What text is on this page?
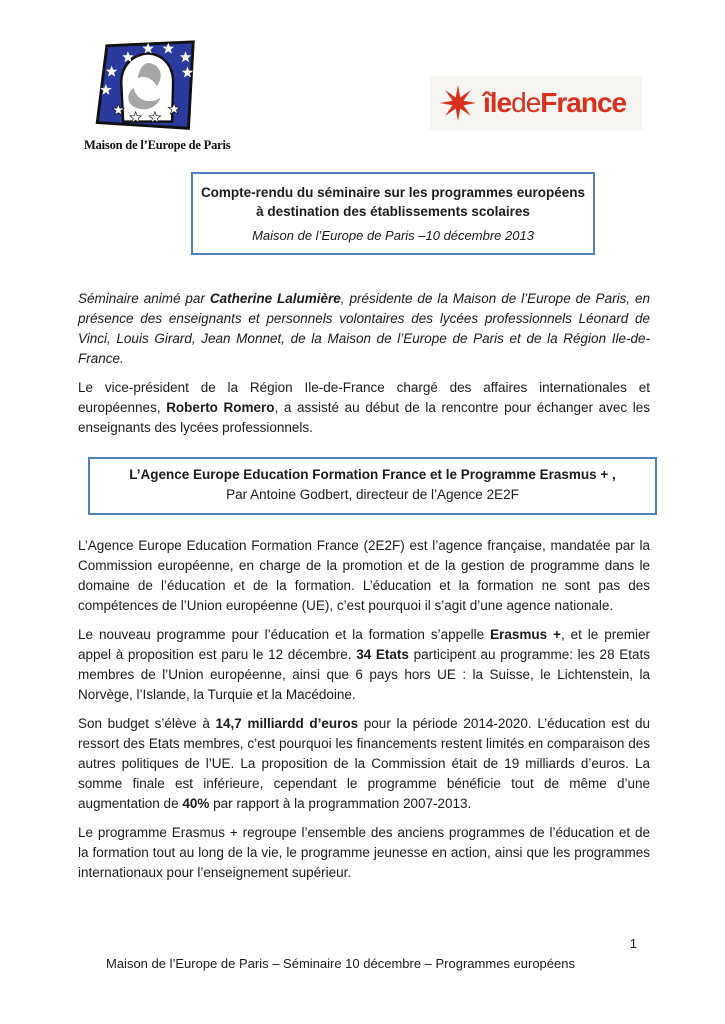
Maison de l’Europe de Paris
îledeFrance
Compte-rendu du séminaire sur les programmes européens à destination des établissements scolaires
Maison de l’Europe de Paris –10 décembre 2013

Séminaire animé par Catherine Lalumière, présidente de la Maison de l’Europe de Paris, en présence des enseignants et personnels volontaires des lycées professionnels Léonard de Vinci, Louis Girard, Jean Monnet, de la Maison de l’Europe de Paris et de la Région Ile-de-France.

Le vice-président de la Région Ile-de-France chargé des affaires internationales et européennes, Roberto Romero, a assisté au début de la rencontre pour échanger avec les enseignants des lycées professionnels.

L’Agence Europe Education Formation France et le Programme Erasmus + ,
Par Antoine Godbert, directeur de l’Agence 2E2F

L’Agence Europe Education Formation France (2E2F) est l’agence française, mandatée par la Commission européenne, en charge de la promotion et de la gestion de programme dans le domaine de l’éducation et de la formation. L’éducation et la formation ne sont pas des compétences de l’Union européenne (UE), c’est pourquoi il s’agit d’une agence nationale.

Le nouveau programme pour l’éducation et la formation s’appelle Erasmus +, et le premier appel à proposition est paru le 12 décembre. 34 Etats participent au programme: les 28 Etats membres de l’Union européenne, ainsi que 6 pays hors UE : la Suisse, le Lichtenstein, la Norvège, l’Islande, la Turquie et la Macédoine.

Son budget s’élève à 14,7 milliardd d’euros pour la période 2014-2020. L’éducation est du ressort des Etats membres, c’est pourquoi les financements restent limités en comparaison des autres politiques de l’UE. La proposition de la Commission était de 19 milliards d’euros. La somme finale est inférieure, cependant le programme bénéficie tout de même d’une augmentation de 40% par rapport à la programmation 2007-2013.

Le programme Erasmus + regroupe l’ensemble des anciens programmes de l’éducation et de la formation tout au long de la vie, le programme jeunesse en action, ainsi que les programmes internationaux pour l’enseignement supérieur.

1
Maison de l’Europe de Paris – Séminaire 10 décembre – Programmes européens
